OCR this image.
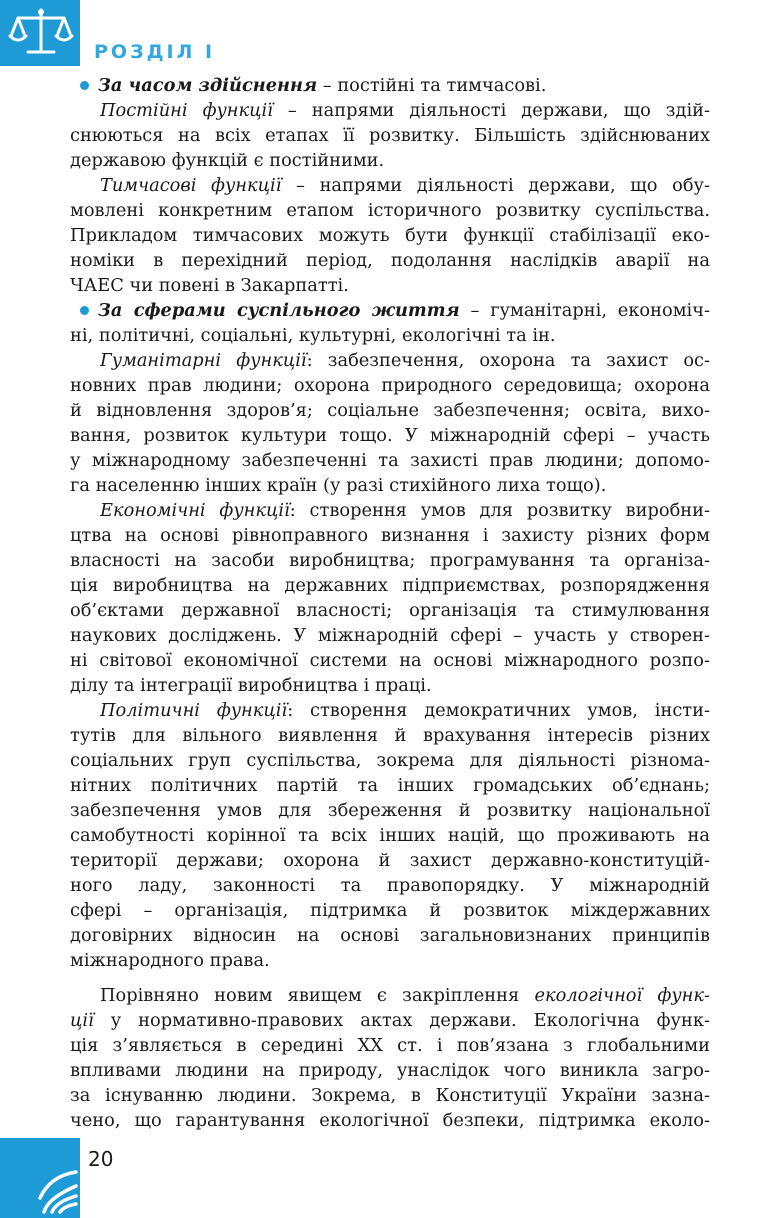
РОЗДІЛ I
За часом здійснення – постійні та тимчасові.
Постійні функції – напрями діяльності держави, що здій-
снюються на всіх етапах її розвитку. Більшість здійснюваних
державою функцій є постійними.
Тимчасові функції – напрями діяльності держави, що обу-
мовлені конкретним етапом історичного розвитку суспільства.
Прикладом тимчасових можуть бути функції стабілізації еко-
номіки в перехідний період, подолання наслідків аварії на
ЧАЕС чи повені в Закарпатті.
За сферами суспільного життя – гуманітарні, економіч-
ні, політичні, соціальні, культурні, екологічні та ін.
Гуманітарні функції: забезпечення, охорона та захист ос-
новних прав людини; охорона природного середовища; охорона
й відновлення здоров’я; соціальне забезпечення; освіта, вихо-
вання, розвиток культури тощо. У міжнародній сфері – участь
у міжнародному забезпеченні та захисті прав людини; допомо-
га населенню інших країн (у разі стихійного лиха тощо).
Економічні функції: створення умов для розвитку виробни-
цтва на основі рівноправного визнання і захисту різних форм
власності на засоби виробництва; програмування та організа-
ція виробництва на державних підприємствах, розпорядження
об’єктами державної власності; організація та стимулювання
наукових досліджень. У міжнародній сфері – участь у створен-
ні світової економічної системи на основі міжнародного розпо-
ділу та інтеграції виробництва і праці.
Політичні функції: створення демократичних умов, інсти-
тутів для вільного виявлення й врахування інтересів різних
соціальних груп суспільства, зокрема для діяльності різнома-
нітних політичних партій та інших громадських об’єднань;
забезпечення умов для збереження й розвитку національної
самобутності корінної та всіх інших націй, що проживають на
території держави; охорона й захист державно-конституцій-
ного ладу, законності та правопорядку. У міжнародній
сфері – організація, підтримка й розвиток міждержавних
договірних відносин на основі загальновизнаних принципів
міжнародного права.
Порівняно новим явищем є закріплення екологічної функ-
ції у нормативно-правових актах держави. Екологічна функ-
ція з’являється в середині XX ст. і пов’язана з глобальними
впливами людини на природу, унаслідок чого виникла загро-
за існуванню людини. Зокрема, в Конституції України зазна-
чено, що гарантування екологічної безпеки, підтримка еколо-
20
